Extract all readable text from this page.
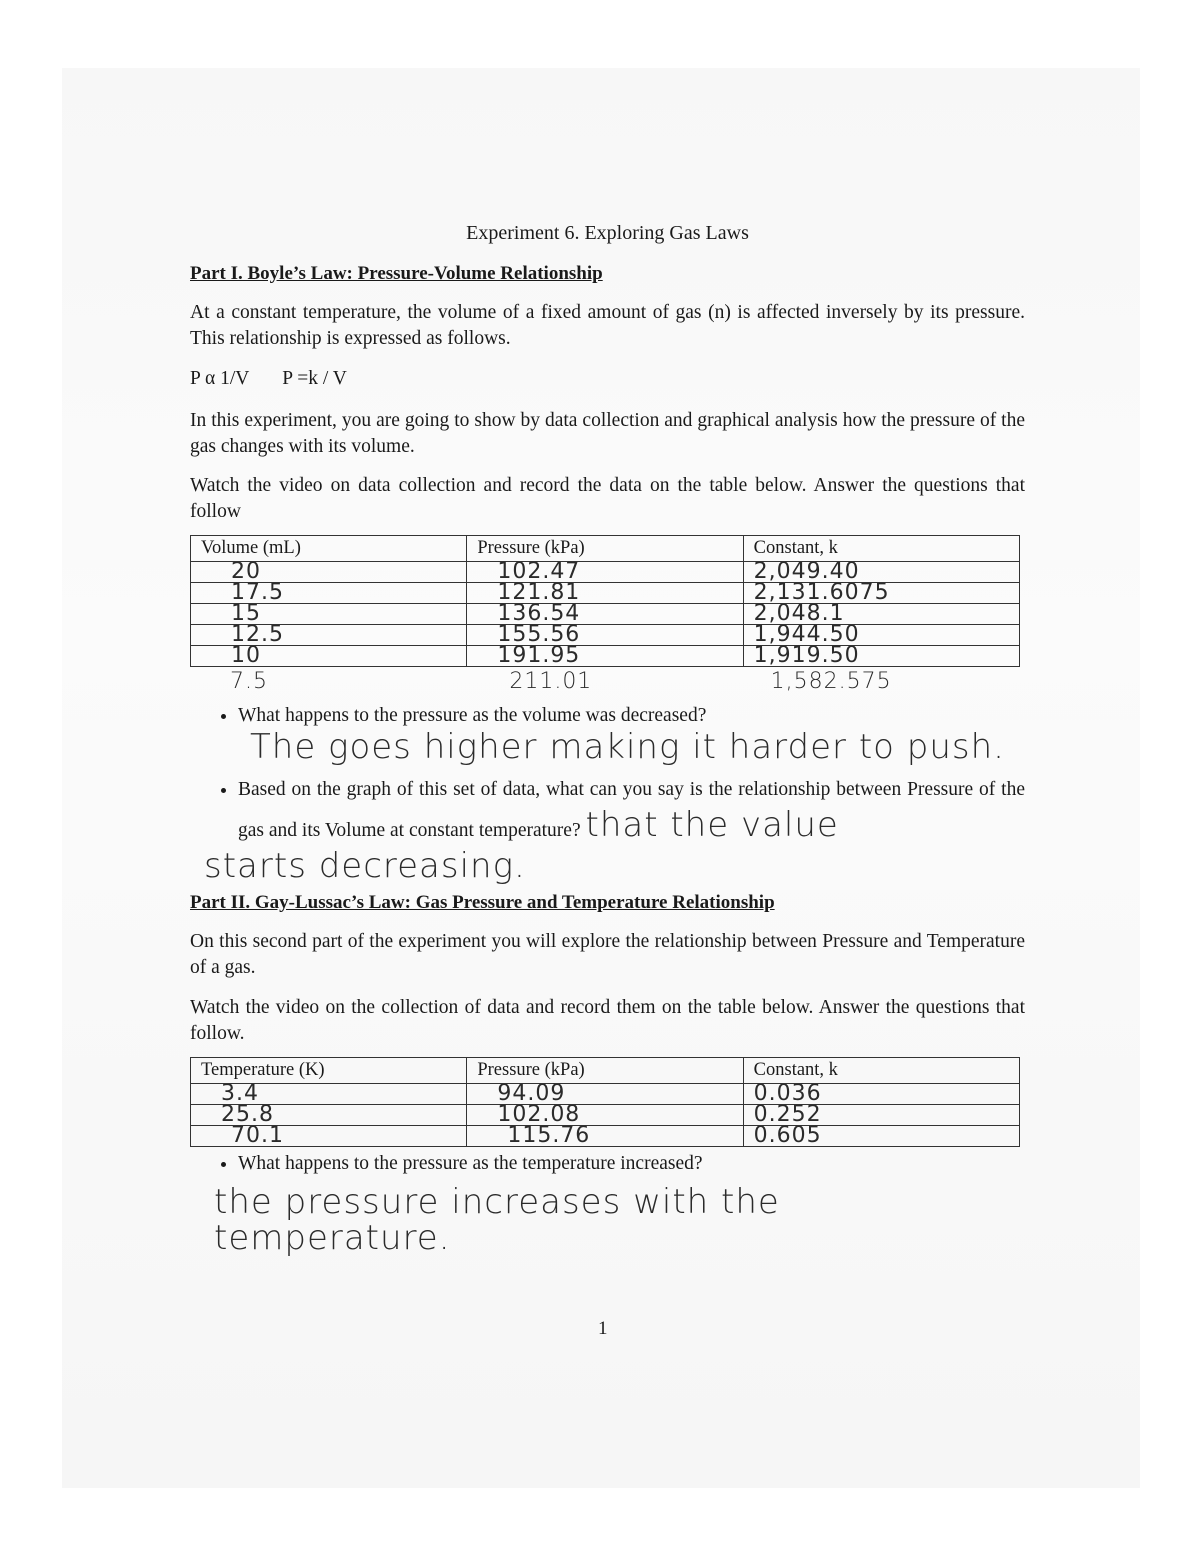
Experiment 6. Exploring Gas Laws
Part I. Boyle’s Law: Pressure-Volume Relationship

At a constant temperature, the volume of a fixed amount of gas (n) is affected inversely by its pressure. This relationship is expressed as follows.

P α 1/V P =k / V

In this experiment, you are going to show by data collection and graphical analysis how the pressure of the gas changes with its volume.

Watch the video on data collection and record the data on the table below. Answer the questions that follow

Volume (mL)	Pressure (kPa)	Constant, k
20	102.47	2,049.40
17.5	121.81	2,131.6075
15	136.54	2,048.1
12.5	155.56	1,944.50
10	191.95	1,919.50
7.5	211.01	1,582.575
• What happens to the pressure as the volume was decreased?
The goes higher making it harder to push.
• Based on the graph of this set of data, what can you say is the relationship between Pressure of the gas and its Volume at constant temperature? that the value
starts decreasing.
Part II. Gay-Lussac’s Law: Gas Pressure and Temperature Relationship

On this second part of the experiment you will explore the relationship between Pressure and Temperature of a gas.

Watch the video on the collection of data and record them on the table below. Answer the questions that follow.

Temperature (K)	Pressure (kPa)	Constant, k
3.4	94.09	0.036
25.8	102.08	0.252
70.1	115.76	0.605
• What happens to the pressure as the temperature increased?
the pressure increases with the temperature.
1
